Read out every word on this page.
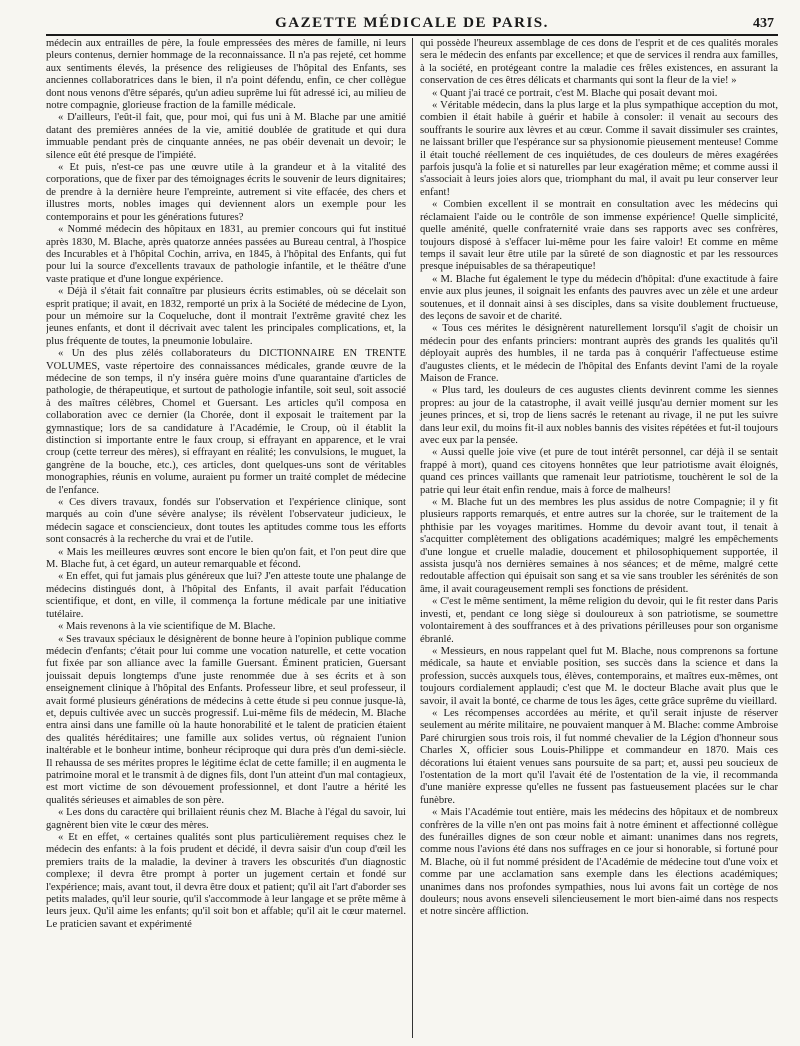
GAZETTE MÉDICALE DE PARIS.	437

médecin aux entrailles de père, la foule empressées des mères de famille, ni leurs pleurs contenus, dernier hommage de la reconnaissance. Il n'a pas rejeté, cet homme aux sentiments élevés, la présence des religieuses de l'hôpital des Enfants, ses anciennes collaboratrices dans le bien, il n'a point défendu, enfin, ce cher collègue dont nous venons d'être séparés, qu'un adieu suprême lui fût adressé ici, au milieu de notre compagnie, glorieuse fraction de la famille médicale.

« D'ailleurs, l'eût-il fait, que, pour moi, qui fus uni à M. Blache par une amitié datant des premières années de la vie, amitié doublée de gratitude et qui dura immuable pendant près de cinquante années, ne pas obéir devenait un devoir; le silence eût été presque de l'impiété.

« Et puis, n'est-ce pas une œuvre utile à la grandeur et à la vitalité des corporations, que de fixer par des témoignages écrits le souvenir de leurs dignitaires; de prendre à la dernière heure l'empreinte, autrement si vite effacée, des chers et illustres morts, nobles images qui deviennent alors un exemple pour les contemporains et pour les générations futures?

« Nommé médecin des hôpitaux en 1831, au premier concours qui fut institué après 1830, M. Blache, après quatorze années passées au Bureau central, à l'hospice des Incurables et à l'hôpital Cochin, arriva, en 1845, à l'hôpital des Enfants, qui fut pour lui la source d'excellents travaux de pathologie infantile, et le théâtre d'une vaste pratique et d'une longue expérience.

« Déjà il s'était fait connaître par plusieurs écrits estimables, où se décelait son esprit pratique; il avait, en 1832, remporté un prix à la Société de médecine de Lyon, pour un mémoire sur la Coqueluche, dont il montrait l'extrême gravité chez les jeunes enfants, et dont il décrivait avec talent les principales complications, et, la plus fréquente de toutes, la pneumonie lobulaire.

« Un des plus zélés collaborateurs du DICTIONNAIRE EN TRENTE VOLUMES, vaste répertoire des connaissances médicales, grande œuvre de la médecine de son temps, il n'y inséra guère moins d'une quarantaine d'articles de pathologie, de thérapeutique, et surtout de pathologie infantile, soit seul, soit associé à des maîtres célèbres, Chomel et Guersant. Les articles qu'il composa en collaboration avec ce dernier (la Chorée, dont il exposait le traitement par la gymnastique; lors de sa candidature à l'Académie, le Croup, où il établit la distinction si importante entre le faux croup, si effrayant en apparence, et le vrai croup (cette terreur des mères), si effrayant en réalité; les convulsions, le muguet, la gangrène de la bouche, etc.), ces articles, dont quelques-uns sont de véritables monographies, réunis en volume, auraient pu former un traité complet de médecine de l'enfance.

« Ces divers travaux, fondés sur l'observation et l'expérience clinique, sont marqués au coin d'une sévère analyse; ils révèlent l'observateur judicieux, le médecin sagace et consciencieux, dont toutes les aptitudes comme tous les efforts sont consacrés à la recherche du vrai et de l'utile.

« Mais les meilleures œuvres sont encore le bien qu'on fait, et l'on peut dire que M. Blache fut, à cet égard, un auteur remarquable et fécond.

« En effet, qui fut jamais plus généreux que lui? J'en atteste toute une phalange de médecins distingués dont, à l'hôpital des Enfants, il avait parfait l'éducation scientifique, et dont, en ville, il commença la fortune médicale par une initiative tutélaire.

« Mais revenons à la vie scientifique de M. Blache.

« Ses travaux spéciaux le désignèrent de bonne heure à l'opinion publique comme médecin d'enfants; c'était pour lui comme une vocation naturelle, et cette vocation fut fixée par son alliance avec la famille Guersant. Éminent praticien, Guersant jouissait depuis longtemps d'une juste renommée due à ses écrits et à son enseignement clinique à l'hôpital des Enfants. Professeur libre, et seul professeur, il avait formé plusieurs générations de médecins à cette étude si peu connue jusque-là, et, depuis cultivée avec un succès progressif. Lui-même fils de médecin, M. Blache entra ainsi dans une famille où la haute honorabilité et le talent de praticien étaient des qualités héréditaires; une famille aux solides vertus, où régnaient l'union inaltérable et le bonheur intime, bonheur réciproque qui dura près d'un demi-siècle. Il rehaussa de ses mérites propres le légitime éclat de cette famille; il en augmenta le patrimoine moral et le transmit à de dignes fils, dont l'un atteint d'un mal contagieux, est mort victime de son dévouement professionnel, et dont l'autre a hérité les qualités sérieuses et aimables de son père.

« Les dons du caractère qui brillaient réunis chez M. Blache à l'égal du savoir, lui gagnèrent bien vite le cœur des mères.

« Et en effet, « certaines qualités sont plus particulièrement requises chez le médecin des enfants: à la fois prudent et décidé, il devra saisir d'un coup d'œil les premiers traits de la maladie, la deviner à travers les obscurités d'un diagnostic complexe; il devra être prompt à porter un jugement certain et fondé sur l'expérience; mais, avant tout, il devra être doux et patient; qu'il ait l'art d'aborder ses petits malades, qu'il leur sourie, qu'il s'accommode à leur langage et se prête même à leurs jeux. Qu'il aime les enfants; qu'il soit bon et affable; qu'il ait le cœur maternel. Le praticien savant et expérimenté

qui possède l'heureux assemblage de ces dons de l'esprit et de ces qualités morales sera le médecin des enfants par excellence; et que de services il rendra aux familles, à la société, en protégeant contre la maladie ces frêles existences, en assurant la conservation de ces êtres délicats et charmants qui sont la fleur de la vie! »

« Quant j'ai tracé ce portrait, c'est M. Blache qui posait devant moi.

« Véritable médecin, dans la plus large et la plus sympathique acception du mot, combien il était habile à guérir et habile à consoler: il venait au secours des souffrants le sourire aux lèvres et au cœur. Comme il savait dissimuler ses craintes, ne laissant briller que l'espérance sur sa physionomie pieusement menteuse! Comme il était touché réellement de ces inquiétudes, de ces douleurs de mères exagérées parfois jusqu'à la folie et si naturelles par leur exagération même; et comme aussi il s'associait à leurs joies alors que, triomphant du mal, il avait pu leur conserver leur enfant!

« Combien excellent il se montrait en consultation avec les médecins qui réclamaient l'aide ou le contrôle de son immense expérience! Quelle simplicité, quelle aménité, quelle confraternité vraie dans ses rapports avec ses confrères, toujours disposé à s'effacer lui-même pour les faire valoir! Et comme en même temps il savait leur être utile par la sûreté de son diagnostic et par les ressources presque inépuisables de sa thérapeutique!

« M. Blache fut également le type du médecin d'hôpital: d'une exactitude à faire envie aux plus jeunes, il soignait les enfants des pauvres avec un zèle et une ardeur soutenues, et il donnait ainsi à ses disciples, dans sa visite doublement fructueuse, des leçons de savoir et de charité.

« Tous ces mérites le désignèrent naturellement lorsqu'il s'agit de choisir un médecin pour des enfants princiers: montrant auprès des grands les qualités qu'il déployait auprès des humbles, il ne tarda pas à conquérir l'affectueuse estime d'augustes clients, et le médecin de l'hôpital des Enfants devint l'ami de la royale Maison de France.

« Plus tard, les douleurs de ces augustes clients devinrent comme les siennes propres: au jour de la catastrophe, il avait veillé jusqu'au dernier moment sur les jeunes princes, et si, trop de liens sacrés le retenant au rivage, il ne put les suivre dans leur exil, du moins fit-il aux nobles bannis des visites répétées et fut-il toujours avec eux par la pensée.

« Aussi quelle joie vive (et pure de tout intérêt personnel, car déjà il se sentait frappé à mort), quand ces citoyens honnêtes que leur patriotisme avait éloignés, quand ces princes vaillants que ramenait leur patriotisme, touchèrent le sol de la patrie qui leur était enfin rendue, mais à force de malheurs!

« M. Blache fut un des membres les plus assidus de notre Compagnie; il y fit plusieurs rapports remarqués, et entre autres sur la chorée, sur le traitement de la phthisie par les voyages maritimes. Homme du devoir avant tout, il tenait à s'acquitter complètement des obligations académiques; malgré les empêchements d'une longue et cruelle maladie, doucement et philosophiquement supportée, il assista jusqu'à nos dernières semaines à nos séances; et de même, malgré cette redoutable affection qui épuisait son sang et sa vie sans troubler les sérénités de son âme, il avait courageusement rempli ses fonctions de président.

« C'est le même sentiment, la même religion du devoir, qui le fit rester dans Paris investi, et, pendant ce long siège si douloureux à son patriotisme, se soumettre volontairement à des souffrances et à des privations périlleuses pour son organisme ébranlé.

« Messieurs, en nous rappelant quel fut M. Blache, nous comprenons sa fortune médicale, sa haute et enviable position, ses succès dans la science et dans la profession, succès auxquels tous, élèves, contemporains, et maîtres eux-mêmes, ont toujours cordialement applaudi; c'est que M. le docteur Blache avait plus que le savoir, il avait la bonté, ce charme de tous les âges, cette grâce suprême du vieillard.

« Les récompenses accordées au mérite, et qu'il serait injuste de réserver seulement au mérite militaire, ne pouvaient manquer à M. Blache: comme Ambroise Paré chirurgien sous trois rois, il fut nommé chevalier de la Légion d'honneur sous Charles X, officier sous Louis-Philippe et commandeur en 1870. Mais ces décorations lui étaient venues sans poursuite de sa part; et, aussi peu soucieux de l'ostentation de la mort qu'il l'avait été de l'ostentation de la vie, il recommanda d'une manière expresse qu'elles ne fussent pas fastueusement placées sur le char funèbre.

« Mais l'Académie tout entière, mais les médecins des hôpitaux et de nombreux confrères de la ville n'en ont pas moins fait à notre éminent et affectionné collègue des funérailles dignes de son cœur noble et aimant: unanimes dans nos regrets, comme nous l'avions été dans nos suffrages en ce jour si honorable, si fortuné pour M. Blache, où il fut nommé président de l'Académie de médecine tout d'une voix et comme par une acclamation sans exemple dans les élections académiques; unanimes dans nos profondes sympathies, nous lui avons fait un cortège de nos douleurs; nous avons enseveli silencieusement le mort bien-aimé dans nos respects et notre sincère affliction.
